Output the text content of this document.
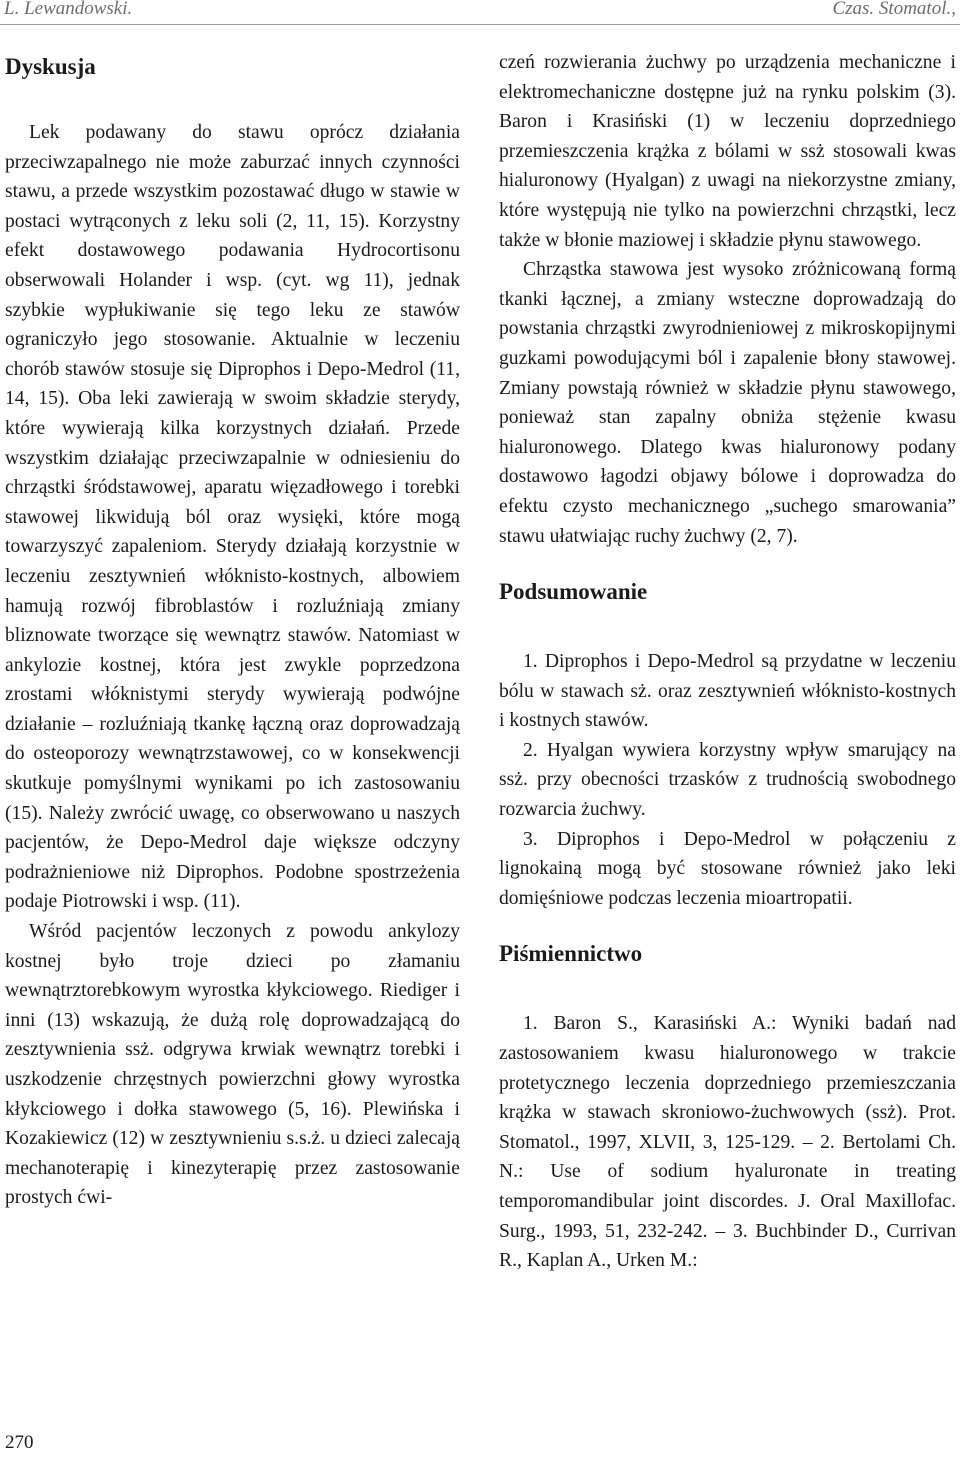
L. Lewandowski.	Czas. Stomatol.,
Dyskusja

Lek podawany do stawu oprócz działania przeciwzapalnego nie może zaburzać innych czynności stawu, a przede wszystkim pozostawać długo w stawie w postaci wytrąconych z leku soli (2, 11, 15). Korzystny efekt dostawowego podawania Hydrocortisonu obserwowali Holander i wsp. (cyt. wg 11), jednak szybkie wypłukiwanie się tego leku ze stawów ograniczyło jego stosowanie. Aktualnie w leczeniu chorób stawów stosuje się Diprophos i Depo-Medrol (11, 14, 15). Oba leki zawierają w swoim składzie sterydy, które wywierają kilka korzystnych działań. Przede wszystkim działając przeciwzapalnie w odniesieniu do chrząstki śródstawowej, aparatu więzadłowego i torebki stawowej likwidują ból oraz wysięki, które mogą towarzyszyć zapaleniom. Sterydy działają korzystnie w leczeniu zesztywnień włóknisto-kostnych, albowiem hamują rozwój fibroblastów i rozluźniają zmiany bliznowate tworzące się wewnątrz stawów. Natomiast w ankylozie kostnej, która jest zwykle poprzedzona zrostami włóknistymi sterydy wywierają podwójne działanie – rozluźniają tkankę łączną oraz doprowadzają do osteoporozy wewnątrzstawowej, co w konsekwencji skutkuje pomyślnymi wynikami po ich zastosowaniu (15). Należy zwrócić uwagę, co obserwowano u naszych pacjentów, że Depo-Medrol daje większe odczyny podrażnieniowe niż Diprophos. Podobne spostrzeżenia podaje Piotrowski i wsp. (11).

Wśród pacjentów leczonych z powodu ankylozy kostnej było troje dzieci po złamaniu wewnątrztorebkowym wyrostka kłykciowego. Riediger i inni (13) wskazują, że dużą rolę doprowadzającą do zesztywnienia ssż. odgrywa krwiak wewnątrz torebki i uszkodzenie chrzęstnych powierzchni głowy wyrostka kłykciowego i dołka stawowego (5, 16). Plewińska i Kozakiewicz (12) w zesztywnieniu s.s.ż. u dzieci zalecają mechanoterapię i kinezyterapię przez zastosowanie prostych ćwi-

czeń rozwierania żuchwy po urządzenia mechaniczne i elektromechaniczne dostępne już na rynku polskim (3). Baron i Krasiński (1) w leczeniu doprzedniego przemieszczenia krążka z bólami w ssż stosowali kwas hialuronowy (Hyalgan) z uwagi na niekorzystne zmiany, które występują nie tylko na powierzchni chrząstki, lecz także w błonie maziowej i składzie płynu stawowego.

Chrząstka stawowa jest wysoko zróżnicowaną formą tkanki łącznej, a zmiany wsteczne doprowadzają do powstania chrząstki zwyrodnieniowej z mikroskopijnymi guzkami powodującymi ból i zapalenie błony stawowej. Zmiany powstają również w składzie płynu stawowego, ponieważ stan zapalny obniża stężenie kwasu hialuronowego. Dlatego kwas hialuronowy podany dostawowo łagodzi objawy bólowe i doprowadza do efektu czysto mechanicznego „suchego smarowania” stawu ułatwiając ruchy żuchwy (2, 7).

Podsumowanie

1. Diprophos i Depo-Medrol są przydatne w leczeniu bólu w stawach sż. oraz zesztywnień włóknisto-kostnych i kostnych stawów.

2. Hyalgan wywiera korzystny wpływ smarujący na ssż. przy obecności trzasków z trudnością swobodnego rozwarcia żuchwy.

3. Diprophos i Depo-Medrol w połączeniu z lignokainą mogą być stosowane również jako leki domięśniowe podczas leczenia mioartropatii.

Piśmiennictwo

1. Baron S., Karasiński A.: Wyniki badań nad zastosowaniem kwasu hialuronowego w trakcie protetycznego leczenia doprzedniego przemieszczania krążka w stawach skroniowo-żuchwowych (ssż). Prot. Stomatol., 1997, XLVII, 3, 125-129. – 2. Bertolami Ch. N.: Use of sodium hyaluronate in treating temporomandibular joint discordes. J. Oral Maxillofac. Surg., 1993, 51, 232-242. – 3. Buchbinder D., Currivan R., Kaplan A., Urken M.:

270
